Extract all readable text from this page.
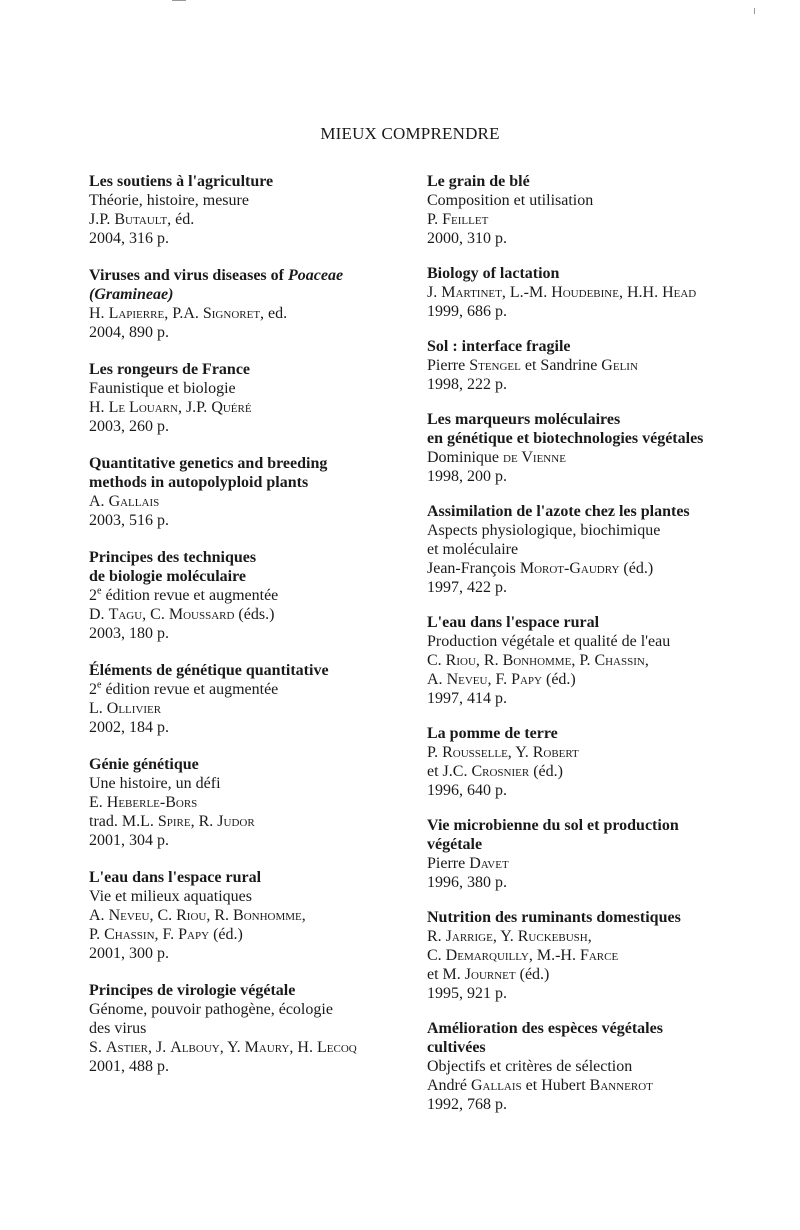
MIEUX COMPRENDRE
Les soutiens à l'agriculture
Théorie, histoire, mesure
J.P. Butault, éd.
2004, 316 p.
Viruses and virus diseases of Poaceae
(Gramineae)
H. Lapierre, P.A. Signoret, ed.
2004, 890 p.
Les rongeurs de France
Faunistique et biologie
H. Le Louarn, J.P. Quéré
2003, 260 p.
Quantitative genetics and breeding
methods in autopolyploid plants
A. Gallais
2003, 516 p.
Principes des techniques
de biologie moléculaire
2e édition revue et augmentée
D. Tagu, C. Moussard (éds.)
2003, 180 p.
Éléments de génétique quantitative
2e édition revue et augmentée
L. Ollivier
2002, 184 p.
Génie génétique
Une histoire, un défi
E. Heberle-Bors
trad. M.L. Spire, R. Judor
2001, 304 p.
L'eau dans l'espace rural
Vie et milieux aquatiques
A. Neveu, C. Riou, R. Bonhomme,
P. Chassin, F. Papy (éd.)
2001, 300 p.
Principes de virologie végétale
Génome, pouvoir pathogène, écologie
des virus
S. Astier, J. Albouy, Y. Maury, H. Lecoq
2001, 488 p.
Le grain de blé
Composition et utilisation
P. Feillet
2000, 310 p.
Biology of lactation
J. Martinet, L.-M. Houdebine, H.H. Head
1999, 686 p.
Sol : interface fragile
Pierre Stengel et Sandrine Gelin
1998, 222 p.
Les marqueurs moléculaires
en génétique et biotechnologies végétales
Dominique de Vienne
1998, 200 p.
Assimilation de l'azote chez les plantes
Aspects physiologique, biochimique
et moléculaire
Jean-François Morot-Gaudry (éd.)
1997, 422 p.
L'eau dans l'espace rural
Production végétale et qualité de l'eau
C. Riou, R. Bonhomme, P. Chassin,
A. Neveu, F. Papy (éd.)
1997, 414 p.
La pomme de terre
P. Rousselle, Y. Robert
et J.C. Crosnier (éd.)
1996, 640 p.
Vie microbienne du sol et production
végétale
Pierre Davet
1996, 380 p.
Nutrition des ruminants domestiques
R. Jarrige, Y. Ruckebush,
C. Demarquilly, M.-H. Farce
et M. Journet (éd.)
1995, 921 p.
Amélioration des espèces végétales
cultivées
Objectifs et critères de sélection
André Gallais et Hubert Bannerot
1992, 768 p.
